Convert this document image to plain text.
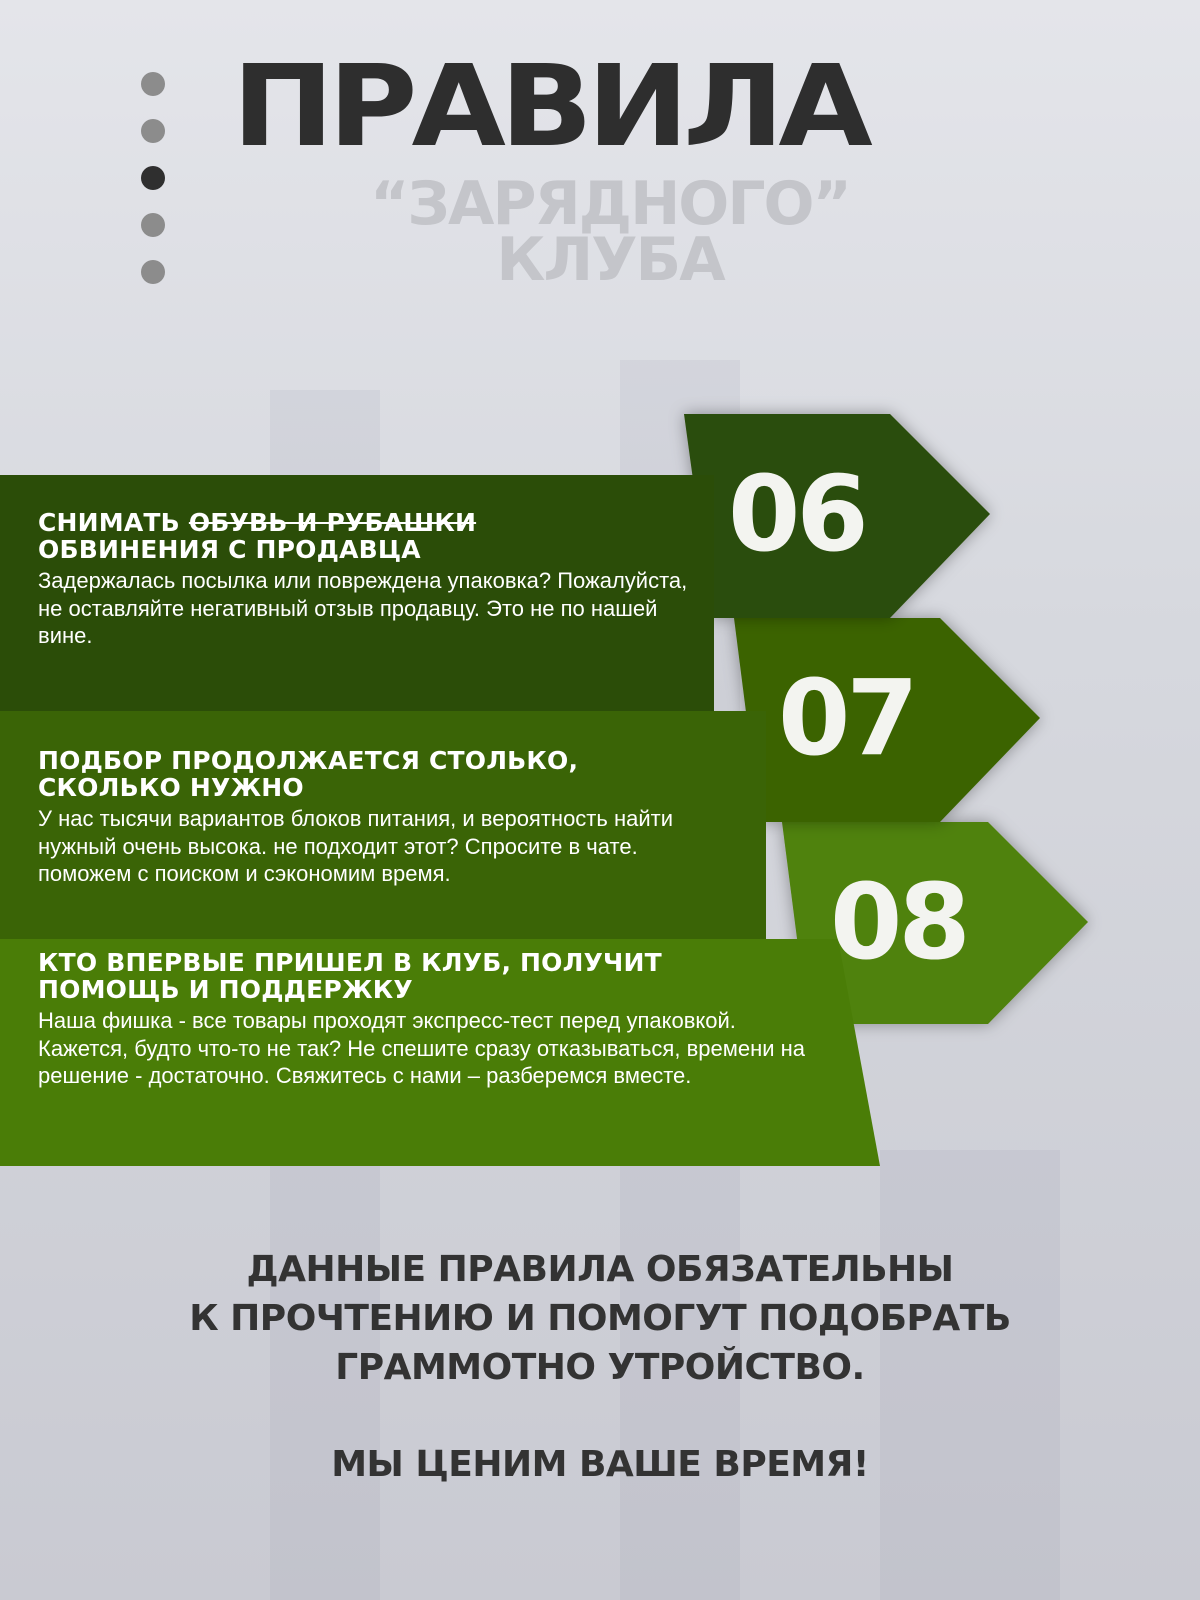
ПРАВИЛА
“ЗАРЯДНОГО”
КЛУБА
СНИМАТЬ ОБУВЬ И РУБАШКИ
ОБВИНЕНИЯ С ПРОДАВЦА
Задержалась посылка или повреждена упаковка? Пожалуйста, не оставляйте негативный отзыв продавцу. Это не по нашей вине.
ПОДБОР ПРОДОЛЖАЕТСЯ СТОЛЬКО, СКОЛЬКО НУЖНО
У нас тысячи вариантов блоков питания, и вероятность найти нужный очень высока. не подходит этот? Спросите в чате. поможем с поиском и сэкономим время.
КТО ВПЕРВЫЕ ПРИШЕЛ В КЛУБ, ПОЛУЧИТ ПОМОЩЬ И ПОДДЕРЖКУ
Наша фишка - все товары проходят экспресс-тест перед упаковкой. Кажется, будто что-то не так? Не спешите сразу отказываться, времени на решение - достаточно. Свяжитесь с нами – разберемся вместе.
06
07
08
ДАННЫЕ ПРАВИЛА ОБЯЗАТЕЛЬНЫ
К ПРОЧТЕНИЮ И ПОМОГУТ ПОДОБРАТЬ
ГРАММОТНО УТРОЙСТВО.
МЫ ЦЕНИМ ВАШЕ ВРЕМЯ!
